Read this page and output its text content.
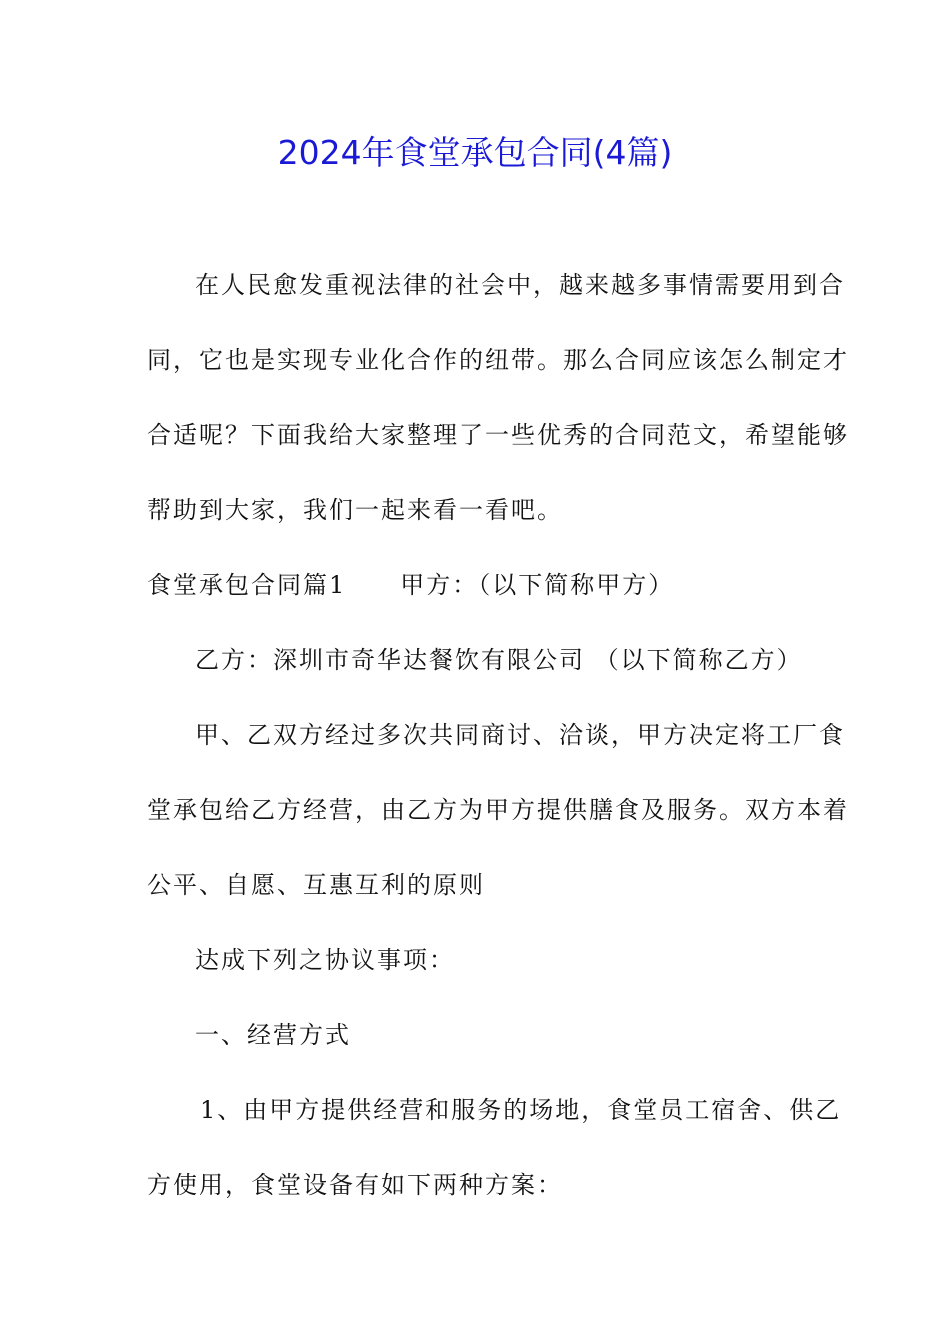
2024年食堂承包合同(4篇)
在人民愈发重视法律的社会中，越来越多事情需要用到合
同，它也是实现专业化合作的纽带。那么合同应该怎么制定才
合适呢？下面我给大家整理了一些优秀的合同范文，希望能够
帮助到大家，我们一起来看一看吧。
食堂承包合同篇1 甲方：（以下简称甲方）
乙方：深圳市奇华达餐饮有限公司 （以下简称乙方）
甲、乙双方经过多次共同商讨、洽谈，甲方决定将工厂食
堂承包给乙方经营，由乙方为甲方提供膳食及服务。双方本着
公平、自愿、互惠互利的原则
达成下列之协议事项：
一、经营方式
1、由甲方提供经营和服务的场地，食堂员工宿舍、供乙
方使用，食堂设备有如下两种方案：
